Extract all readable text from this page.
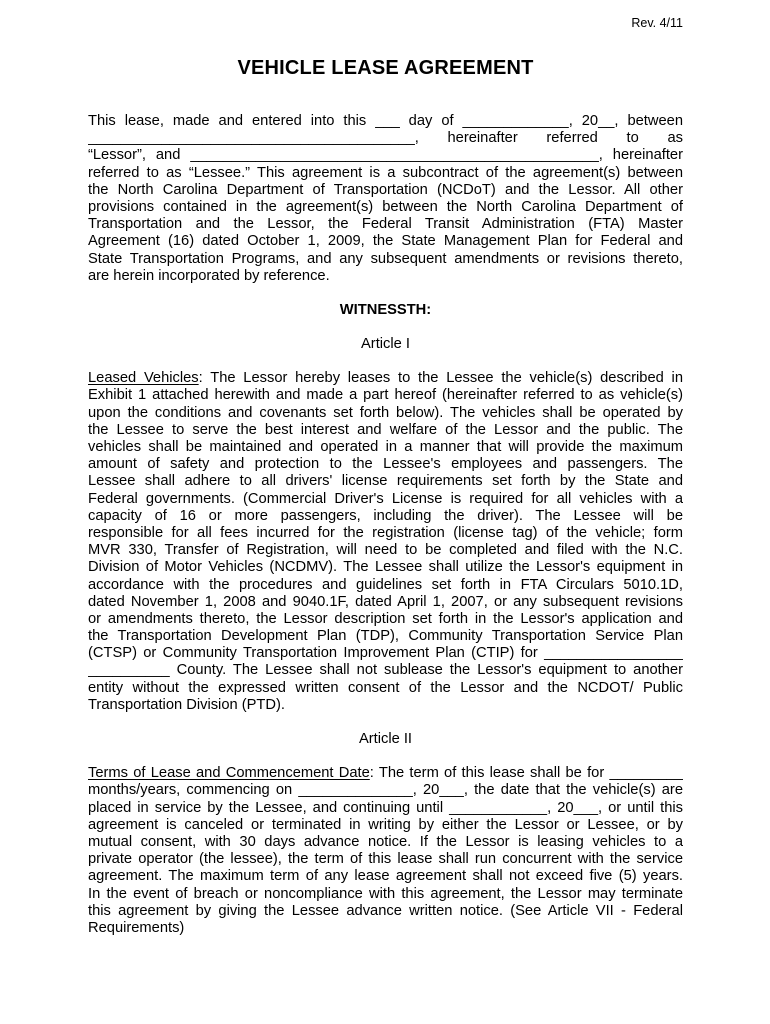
Rev. 4/11
VEHICLE LEASE AGREEMENT
This lease, made and entered into this ___ day of _____________, 20__, between
________________________________________, hereinafter referred to as
“Lessor”, and __________________________________________________, hereinafter
referred to as “Lessee.” This agreement is a subcontract of the agreement(s) between
the North Carolina Department of Transportation (NCDoT) and the Lessor. All other
provisions contained in the agreement(s) between the North Carolina Department of
Transportation and the Lessor, the Federal Transit Administration (FTA) Master
Agreement (16) dated October 1, 2009, the State Management Plan for Federal and
State Transportation Programs, and any subsequent amendments or revisions thereto,
are herein incorporated by reference.
WITNESSTH:
Article I
Leased Vehicles: The Lessor hereby leases to the Lessee the vehicle(s) described in
Exhibit 1 attached herewith and made a part hereof (hereinafter referred to as vehicle(s)
upon the conditions and covenants set forth below). The vehicles shall be operated by
the Lessee to serve the best interest and welfare of the Lessor and the public. The
vehicles shall be maintained and operated in a manner that will provide the maximum
amount of safety and protection to the Lessee's employees and passengers. The
Lessee shall adhere to all drivers' license requirements set forth by the State and
Federal governments. (Commercial Driver's License is required for all vehicles with a
capacity of 16 or more passengers, including the driver). The Lessee will be
responsible for all fees incurred for the registration (license tag) of the vehicle; form
MVR 330, Transfer of Registration, will need to be completed and filed with the N.C.
Division of Motor Vehicles (NCDMV). The Lessee shall utilize the Lessor's equipment in
accordance with the procedures and guidelines set forth in FTA Circulars 5010.1D,
dated November 1, 2008 and 9040.1F, dated April 1, 2007, or any subsequent revisions
or amendments thereto, the Lessor description set forth in the Lessor's application and
the Transportation Development Plan (TDP), Community Transportation Service Plan
(CTSP) or Community Transportation Improvement Plan (CTIP) for _________________
__________ County. The Lessee shall not sublease the Lessor's equipment to another
entity without the expressed written consent of the Lessor and the NCDOT/ Public
Transportation Division (PTD).
Article II
Terms of Lease and Commencement Date: The term of this lease shall be for _________
months/years, commencing on ______________, 20___, the date that the vehicle(s) are
placed in service by the Lessee, and continuing until ____________, 20___, or until this
agreement is canceled or terminated in writing by either the Lessor or Lessee, or by
mutual consent, with 30 days advance notice. If the Lessor is leasing vehicles to a
private operator (the lessee), the term of this lease shall run concurrent with the service
agreement. The maximum term of any lease agreement shall not exceed five (5) years.
In the event of breach or noncompliance with this agreement, the Lessor may terminate
this agreement by giving the Lessee advance written notice. (See Article VII - Federal
Requirements)
